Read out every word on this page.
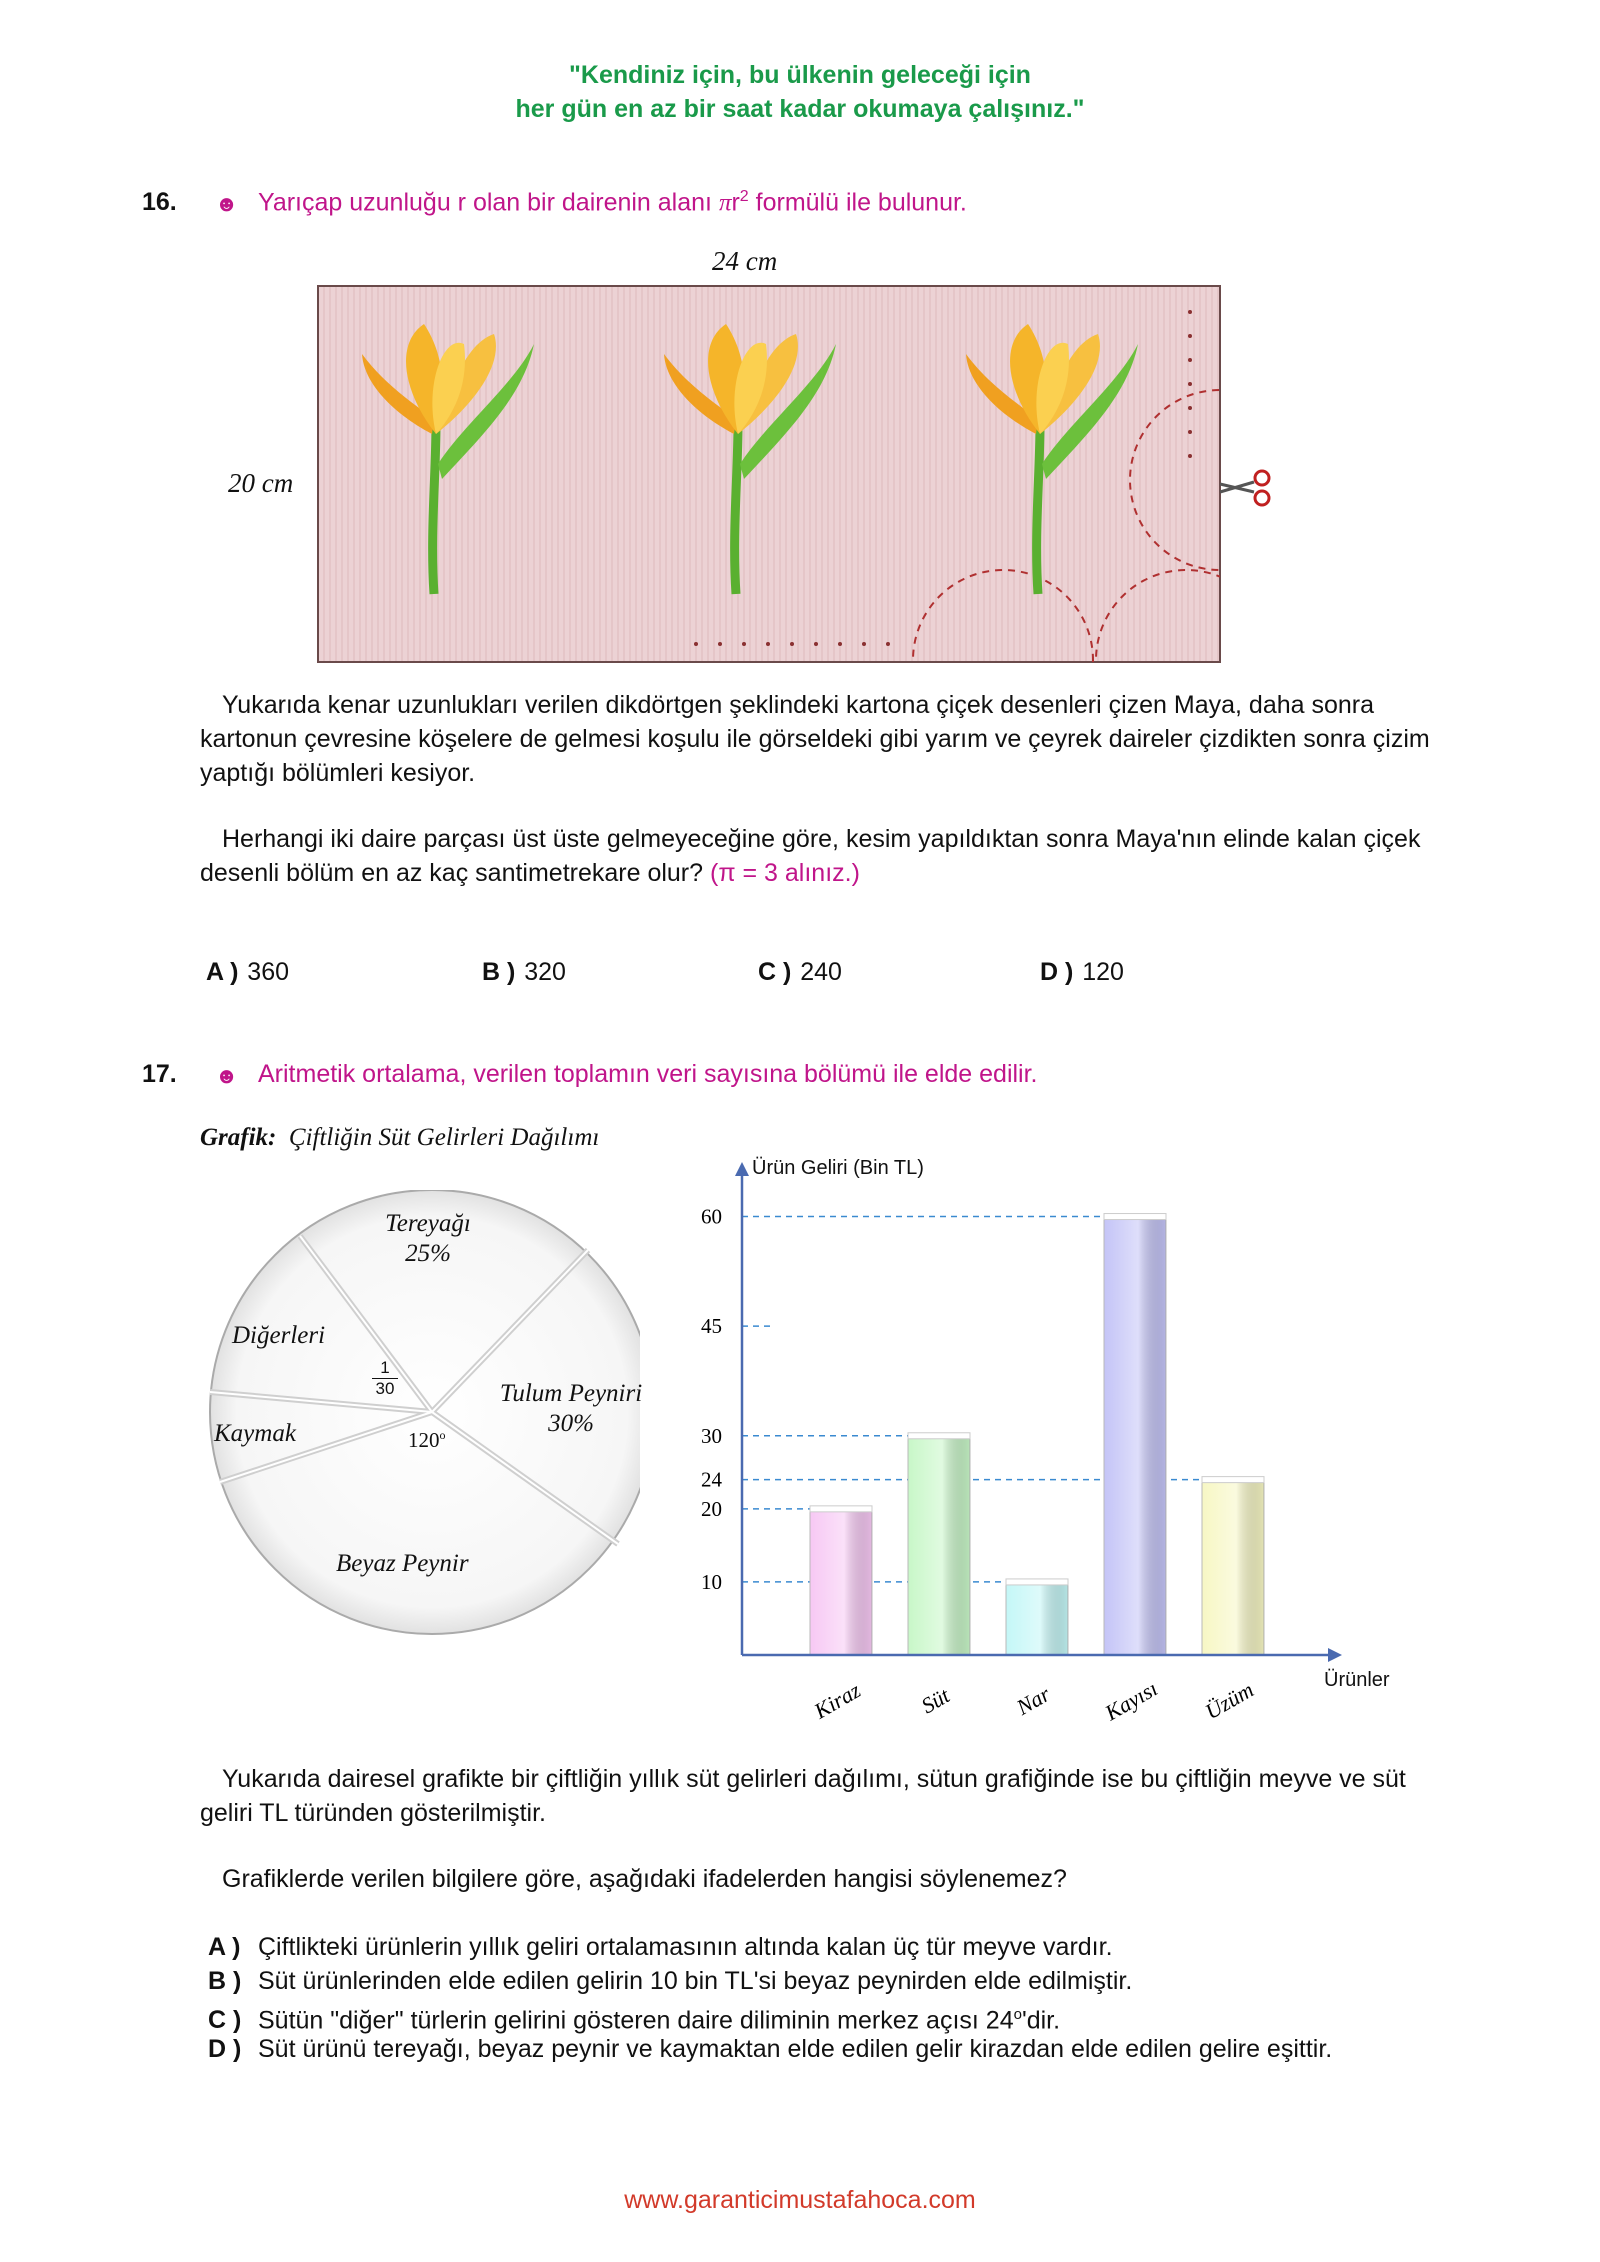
"Kendiniz için, bu ülkenin geleceği için
her gün en az bir saat kadar okumaya çalışınız."
16. ☻ Yarıçap uzunluğu r olan bir dairenin alanı $\pi r^2$ formülü ile bulunur.
24 cm
20 cm
Yukarıda kenar uzunlukları verilen dikdörtgen şeklindeki kartona çiçek desenleri çizen Maya, daha sonra kartonun çevresine köşelere de gelmesi koşulu ile görseldeki gibi yarım ve çeyrek daireler çizdikten sonra çizim yaptığı bölümleri kesiyor.
Herhangi iki daire parçası üst üste gelmeyeceğine göre, kesim yapıldıktan sonra Maya'nın elinde kalan çiçek desenli bölüm en az kaç santimetrekare olur? (π = 3 alınız.)
A ) 360	B ) 320	C ) 240	D ) 120
17. ☻ Aritmetik ortalama, verilen toplamın veri sayısına bölümü ile elde edilir.
Grafik: Çiftliğin Süt Gelirleri Dağılımı
Tereyağı
25%
Diğerleri
1
30
Kaymak	120$^o$
Tulum Peyniri
30%
Beyaz Peynir
Ürün Geliri (Bin TL)
Ürünler
10
20
24
30
45
60
Kiraz Süt	Nar Kayısı Üzüm
Yukarıda dairesel grafikte bir çiftliğin yıllık süt gelirleri dağılımı, sütun grafiğinde ise bu çiftliğin meyve ve süt geliri TL türünden gösterilmiştir.
Grafiklerde verilen bilgilere göre, aşağıdaki ifadelerden hangisi söylenemez?
A ) Çiftlikteki ürünlerin yıllık geliri ortalamasının altında kalan üç tür meyve vardır.
B ) Süt ürünlerinden elde edilen gelirin 10 bin TL'si beyaz peynirden elde edilmiştir.
C ) Sütün "diğer" türlerin gelirini gösteren daire diliminin merkez açısı 24$^o$'dir.
D ) Süt ürünü tereyağı, beyaz peynir ve kaymaktan elde edilen gelir kirazdan elde edilen gelire eşittir.
www.garanticimustafahoca.com
